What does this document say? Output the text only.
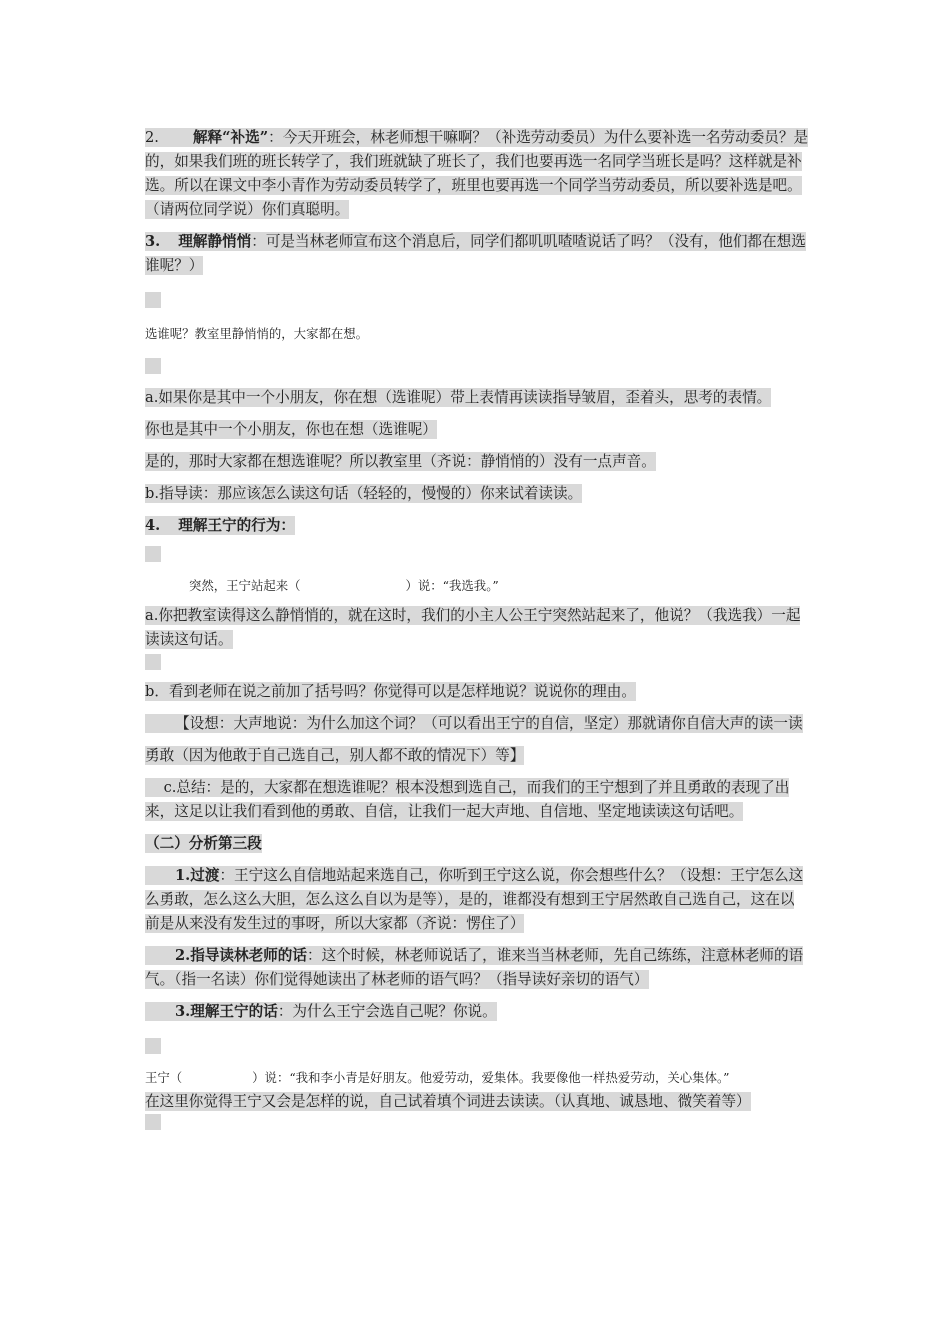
2. 解释“补选”：今天开班会，林老师想干嘛啊？（补选劳动委员）为什么要补选一名劳动委员？是的，如果我们班的班长转学了，我们班就缺了班长了，我们也要再选一名同学当班长是吗？这样就是补选。所以在课文中李小青作为劳动委员转学了，班里也要再选一个同学当劳动委员，所以要补选是吧。（请两位同学说）你们真聪明。

3. 理解静悄悄：可是当林老师宣布这个消息后，同学们都叽叽喳喳说话了吗？（没有，他们都在想选谁呢？）

选谁呢？教室里静悄悄的，大家都在想。

a.如果你是其中一个小朋友，你在想（选谁呢）带上表情再读读指导皱眉，歪着头，思考的表情。

你也是其中一个小朋友，你也在想（选谁呢）

是的，那时大家都在想选谁呢？所以教室里（齐说：静悄悄的）没有一点声音。

b.指导读：那应该怎么读这句话（轻轻的，慢慢的）你来试着读读。

4. 理解王宁的行为：

突然，王宁站起来（	）说：“我选我。”

a.你把教室读得这么静悄悄的，就在这时，我们的小主人公王宁突然站起来了，他说？（我选我）一起读读这句话。

b．看到老师在说之前加了括号吗？你觉得可以是怎样地说？说说你的理由。

【设想：大声地说：为什么加这个词？（可以看出王宁的自信，坚定）那就请你自信大声的读一读

勇敢（因为他敢于自己选自己，别人都不敢的情况下）等】

c.总结：是的，大家都在想选谁呢？根本没想到选自己，而我们的王宁想到了并且勇敢的表现了出来，这足以让我们看到他的勇敢、自信，让我们一起大声地、自信地、坚定地读读这句话吧。

（二）分析第三段

1.过渡：王宁这么自信地站起来选自己，你听到王宁这么说，你会想些什么？（设想：王宁怎么这么勇敢，怎么这么大胆，怎么这么自以为是等），是的，谁都没有想到王宁居然敢自己选自己，这在以前是从来没有发生过的事呀，所以大家都（齐说：愣住了）

2.指导读林老师的话：这个时候，林老师说话了，谁来当当林老师，先自己练练，注意林老师的语气。（指一名读）你们觉得她读出了林老师的语气吗？（指导读好亲切的语气）

3.理解王宁的话：为什么王宁会选自己呢？你说。

王宁（	）说：“我和李小青是好朋友。他爱劳动，爱集体。我要像他一样热爱劳动，关心集体。”

在这里你觉得王宁又会是怎样的说，自己试着填个词进去读读。（认真地、诚恳地、微笑着等）
